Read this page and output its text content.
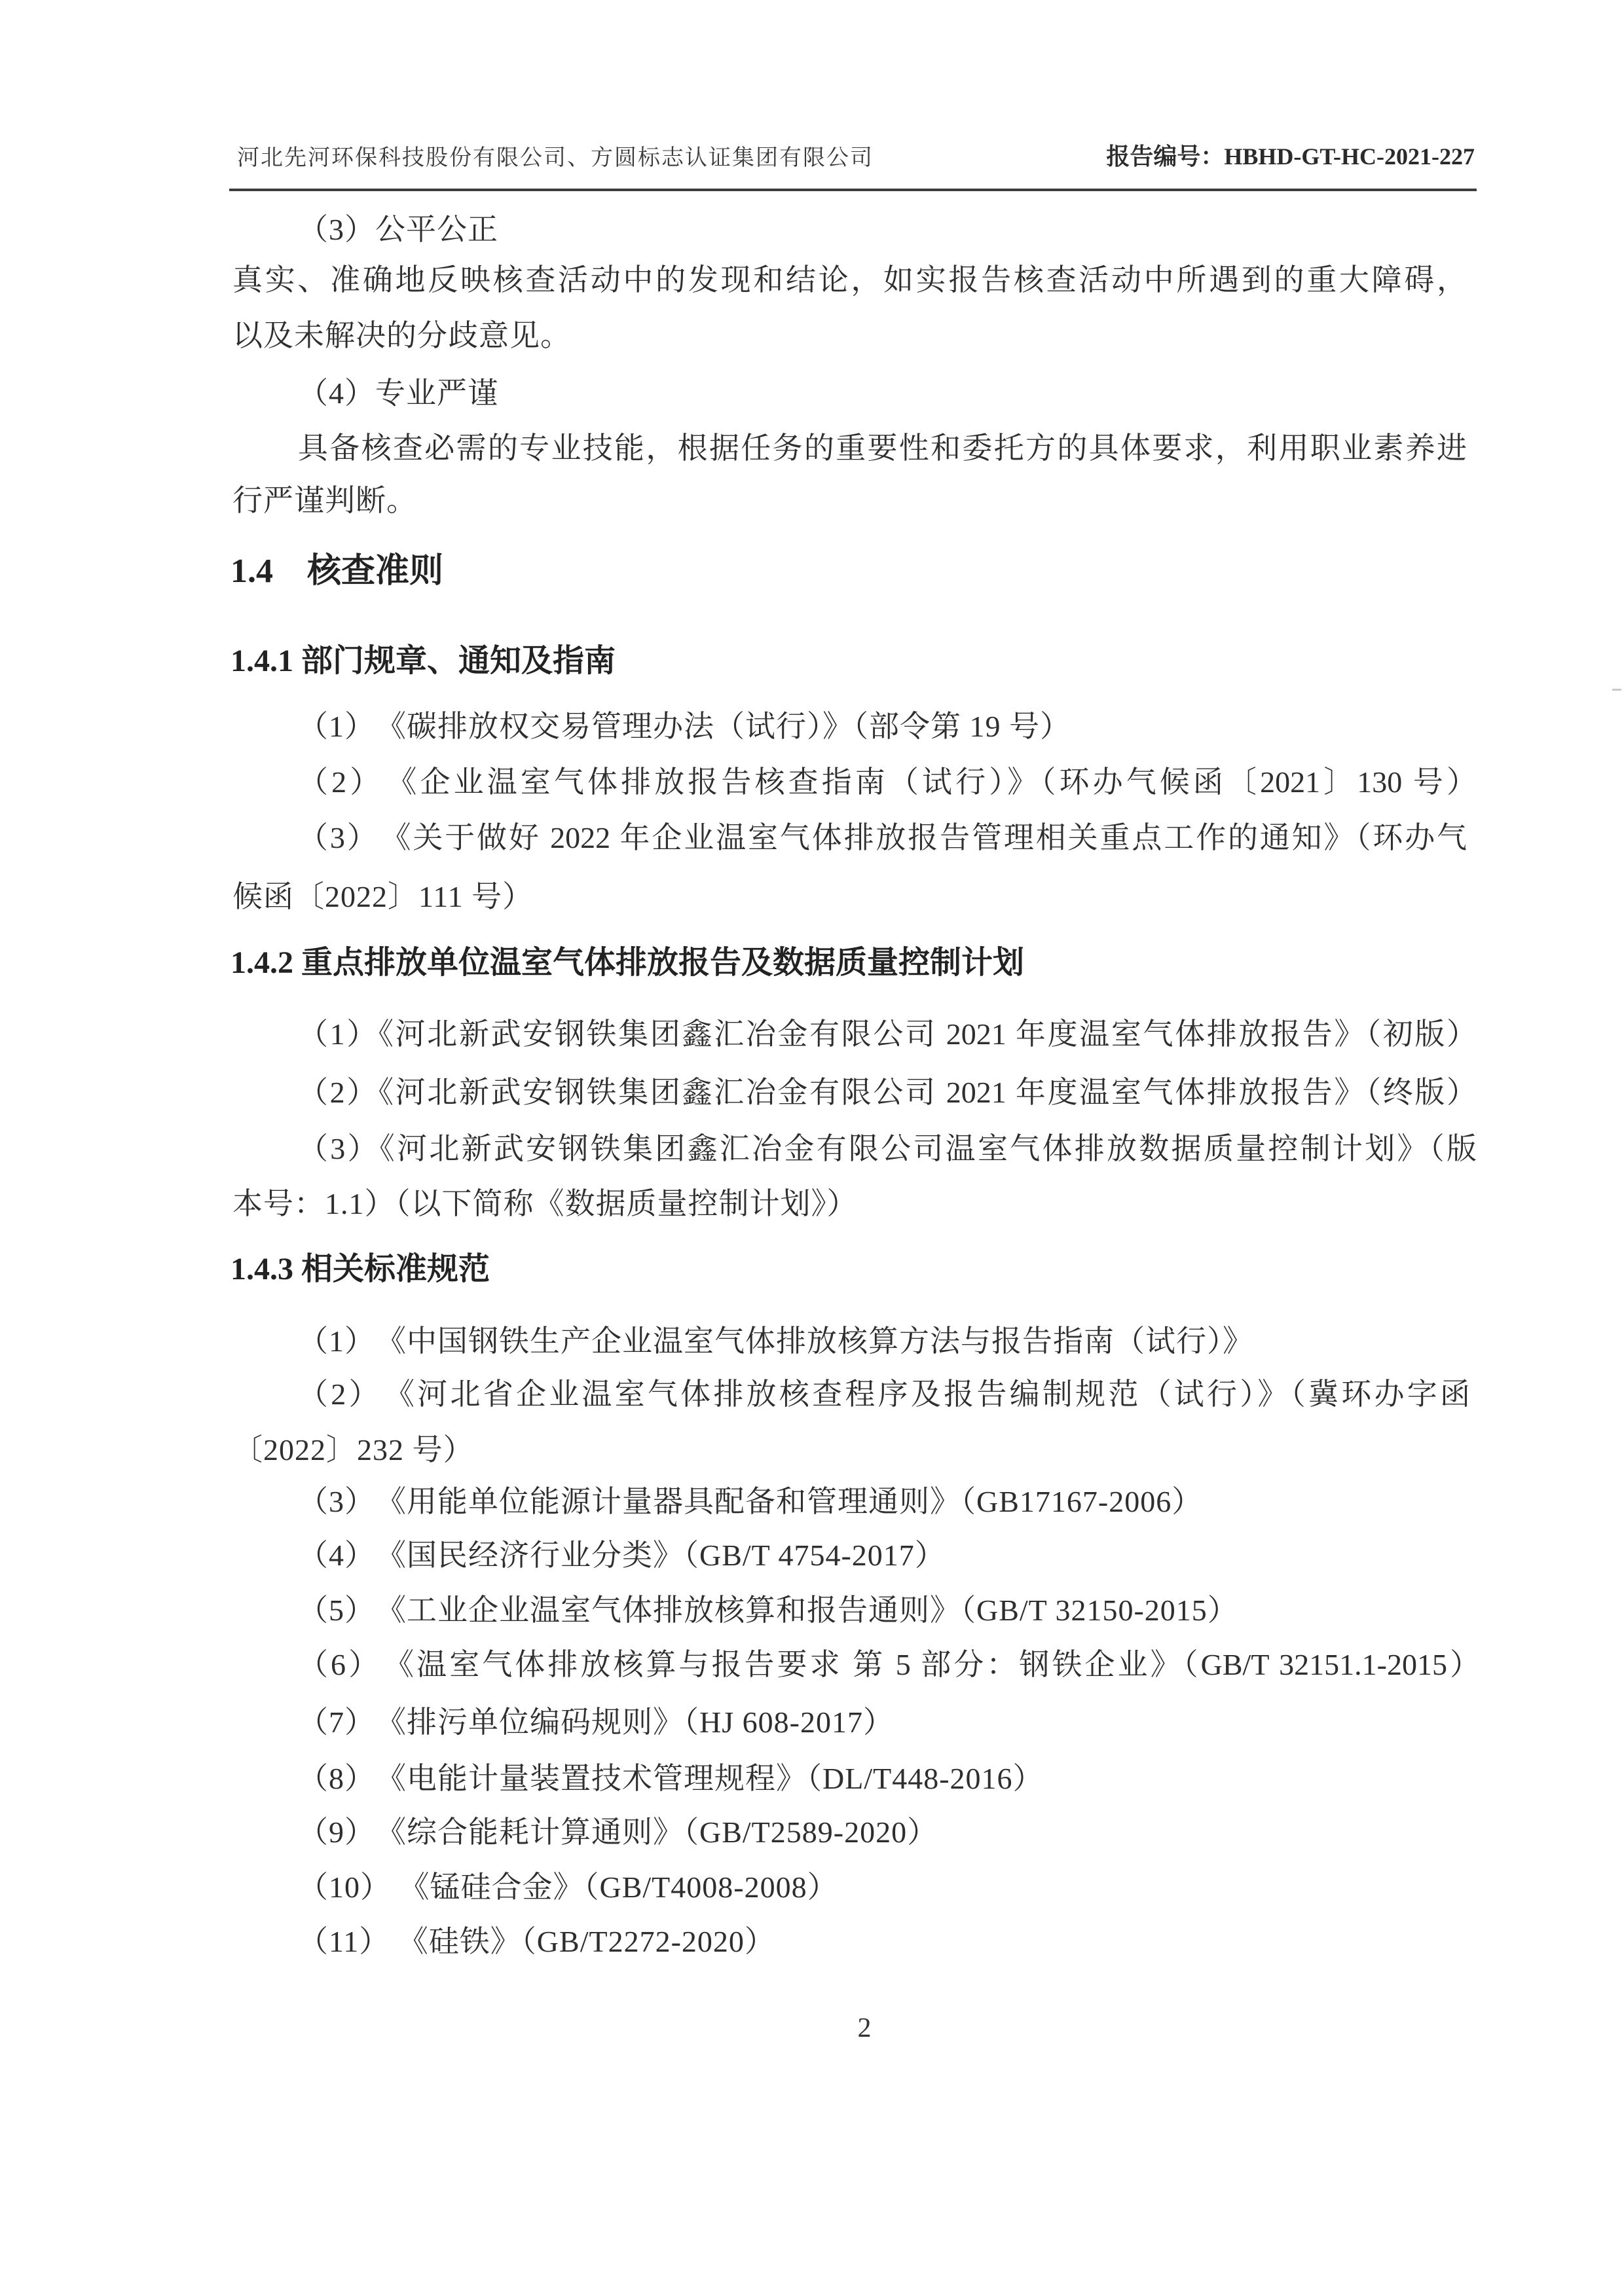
河北先河环保科技股份有限公司、方圆标志认证集团有限公司	报告编号：HBHD-GT-HC-2021-227
（3）公平公正
真实、准确地反映核查活动中的发现和结论，如实报告核查活动中所遇到的重大障碍，
以及未解决的分歧意见。
（4）专业严谨
具备核查必需的专业技能，根据任务的重要性和委托方的具体要求，利用职业素养进
行严谨判断。
1.4　核查准则
1.4.1 部门规章、通知及指南
（1）　《碳排放权交易管理办法（试行）》（部令第 19 号）
（2）　《企业温室气体排放报告核查指南（试行）》（环办气候函〔2021〕130 号）
（3）　《关于做好 2022 年企业温室气体排放报告管理相关重点工作的通知》（环办气
候函〔2022〕111 号）
1.4.2 重点排放单位温室气体排放报告及数据质量控制计划
（1）《河北新武安钢铁集团鑫汇冶金有限公司 2021 年度温室气体排放报告》（初版）
（2）《河北新武安钢铁集团鑫汇冶金有限公司 2021 年度温室气体排放报告》（终版）
（3）《河北新武安钢铁集团鑫汇冶金有限公司温室气体排放数据质量控制计划》（版
本号：1.1）（以下简称《数据质量控制计划》）
1.4.3 相关标准规范
（1）　《中国钢铁生产企业温室气体排放核算方法与报告指南（试行）》
（2）　《河北省企业温室气体排放核查程序及报告编制规范（试行）》（冀环办字函
〔2022〕232 号）
（3）　《用能单位能源计量器具配备和管理通则》（GB17167-2006）
（4）　《国民经济行业分类》（GB/T 4754-2017）
（5）　《工业企业温室气体排放核算和报告通则》（GB/T 32150-2015）
（6）　《温室气体排放核算与报告要求 第 5 部分：钢铁企业》（GB/T 32151.1-2015）
（7）　《排污单位编码规则》（HJ 608-2017）
（8）　《电能计量装置技术管理规程》（DL/T448-2016）
（9）　《综合能耗计算通则》（GB/T2589-2020）
（10） 《锰硅合金》（GB/T4008-2008）
（11） 《硅铁》（GB/T2272-2020）
2
